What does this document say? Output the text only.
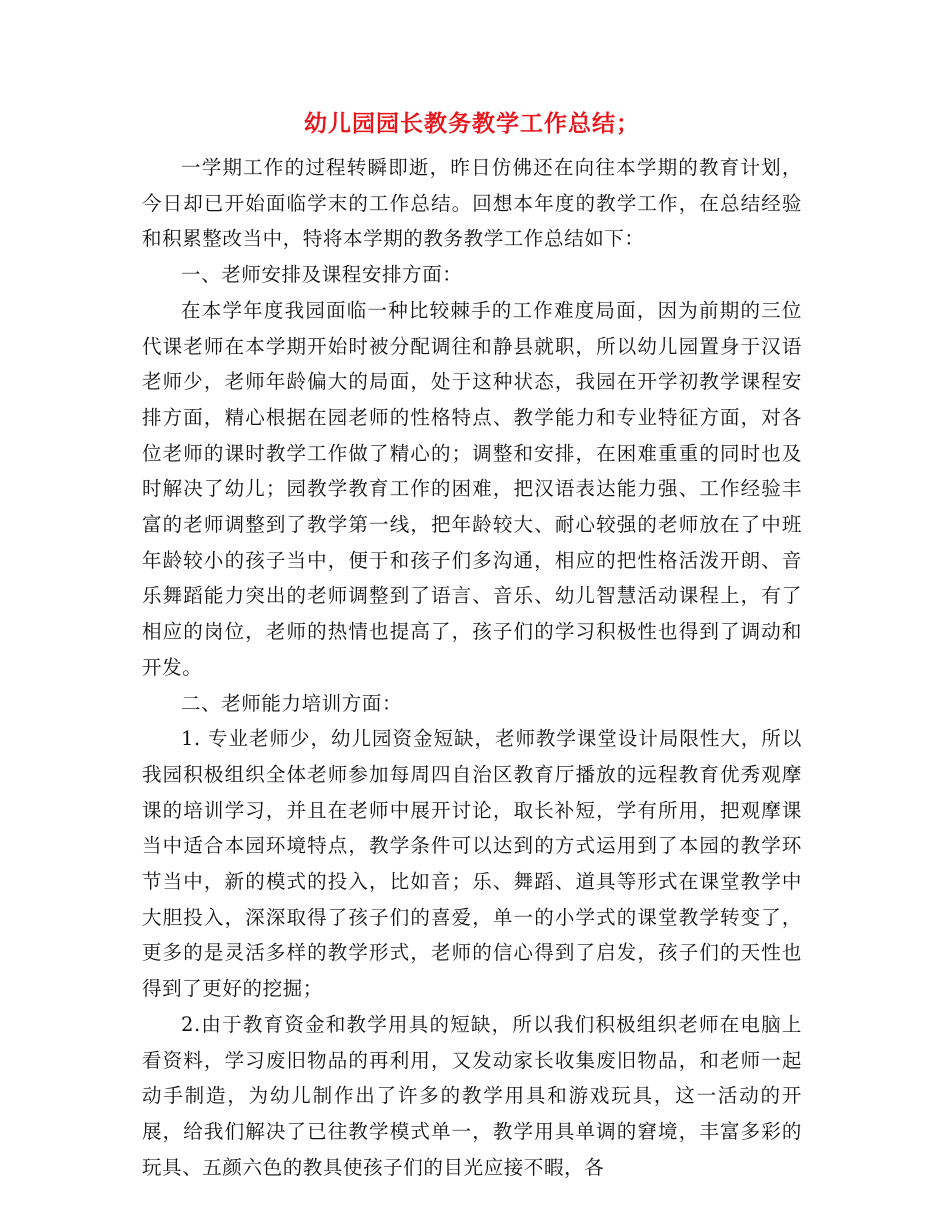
幼儿园园长教务教学工作总结；

一学期工作的过程转瞬即逝，昨日仿佛还在向往本学期的教育计划，今日却已开始面临学末的工作总结。回想本年度的教学工作，在总结经验和积累整改当中，特将本学期的教务教学工作总结如下：

一、老师安排及课程安排方面：

在本学年度我园面临一种比较棘手的工作难度局面，因为前期的三位代课老师在本学期开始时被分配调往和静县就职，所以幼儿园置身于汉语老师少，老师年龄偏大的局面，处于这种状态，我园在开学初教学课程安排方面，精心根据在园老师的性格特点、教学能力和专业特征方面，对各位老师的课时教学工作做了精心的；调整和安排，在困难重重的同时也及时解决了幼儿；园教学教育工作的困难，把汉语表达能力强、工作经验丰富的老师调整到了教学第一线，把年龄较大、耐心较强的老师放在了中班年龄较小的孩子当中，便于和孩子们多沟通，相应的把性格活泼开朗、音乐舞蹈能力突出的老师调整到了语言、音乐、幼儿智慧活动课程上，有了相应的岗位，老师的热情也提高了，孩子们的学习积极性也得到了调动和开发。

二、老师能力培训方面：

1. 专业老师少，幼儿园资金短缺，老师教学课堂设计局限性大，所以我园积极组织全体老师参加每周四自治区教育厅播放的远程教育优秀观摩课的培训学习，并且在老师中展开讨论，取长补短，学有所用，把观摩课当中适合本园环境特点，教学条件可以达到的方式运用到了本园的教学环节当中，新的模式的投入，比如音；乐、舞蹈、道具等形式在课堂教学中大胆投入，深深取得了孩子们的喜爱，单一的小学式的课堂教学转变了，更多的是灵活多样的教学形式，老师的信心得到了启发，孩子们的天性也得到了更好的挖掘；

2.由于教育资金和教学用具的短缺，所以我们积极组织老师在电脑上看资料，学习废旧物品的再利用，又发动家长收集废旧物品，和老师一起动手制造，为幼儿制作出了许多的教学用具和游戏玩具，这一活动的开展，给我们解决了已往教学模式单一，教学用具单调的窘境，丰富多彩的玩具、五颜六色的教具使孩子们的目光应接不暇，各
